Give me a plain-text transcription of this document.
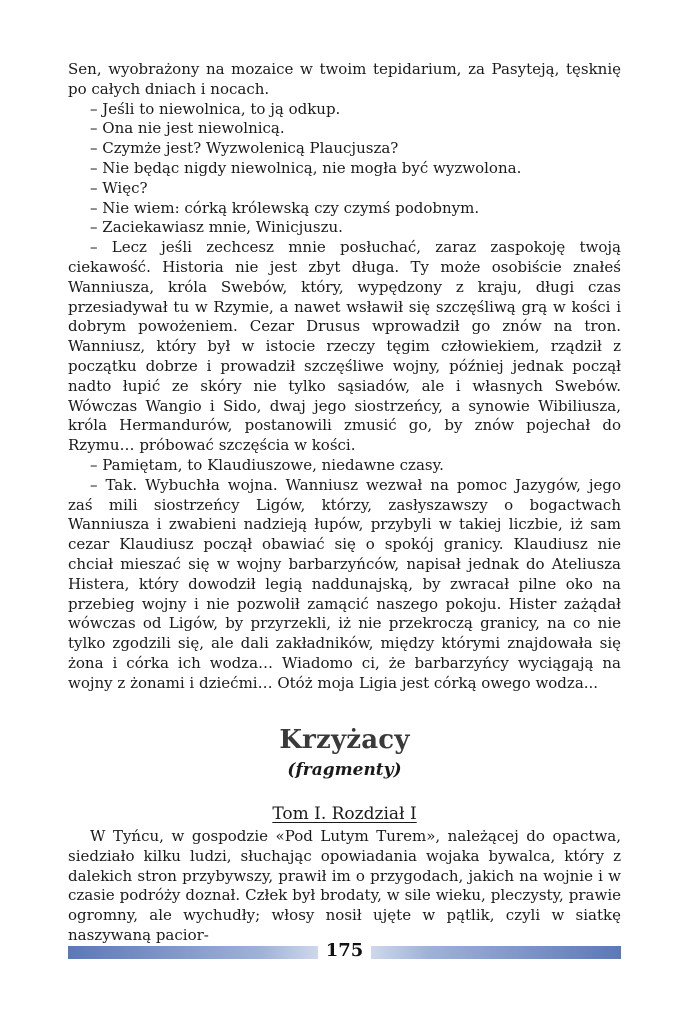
Sen, wyobrażony na mozaice w twoim tepidarium, za Pasytеją, tęsknię po całych dniach i nocach.

– Jeśli to niewolnica, to ją odkup.

– Ona nie jest niewolnicą.

– Czymże jest? Wyzwolenicą Plaucjusza?

– Nie będąc nigdy niewolnicą, nie mogła być wyzwolona.

– Więc?

– Nie wiem: córką królewską czy czymś podobnym.

– Zaciekawiasz mnie, Winicjuszu.

– Lecz jeśli zechcesz mnie posłuchać, zaraz zaspokoję twoją ciekawość. Historia nie jest zbyt długa. Ty może osobiście znałeś Wanniusza, króla Swebów, który, wypędzony z kraju, długi czas przesiadywał tu w Rzymie, a nawet wsławił się szczęśliwą grą w kości i dobrym powożeniem. Cezar Drusus wprowadził go znów na tron. Wanniusz, który był w istocie rzeczy tęgim człowiekiem, rządził z początku dobrze i prowadził szczęśliwe wojny, później jednak począł nadto łupić ze skóry nie tylko sąsiadów, ale i własnych Swebów. Wówczas Wangio i Sido, dwaj jego siostrzeńcy, a synowie Wibiliusza, króla Hermandurów, postanowili zmusić go, by znów pojechał do Rzymu… próbować szczęścia w kości.

– Pamiętam, to Klaudiuszowe, niedawne czasy.

– Tak. Wybuchła wojna. Wanniusz wezwał na pomoc Jazygów, jego zaś mili siostrzeńcy Ligów, którzy, zasłyszawszy o bogactwach Wanniusza i zwabieni nadzieją łupów, przybyli w takiej liczbie, iż sam cezar Klaudiusz począł obawiać się o spokój granicy. Klaudiusz nie chciał mieszać się w wojny barbarzyńców, napisał jednak do Ateliusza Histera, który dowodził legią naddunajską, by zwracał pilne oko na przebieg wojny i nie pozwolił zamącić naszego pokoju. Hister zażądał wówczas od Ligów, by przyrzekli, iż nie przekroczą granicy, na co nie tylko zgodzili się, ale dali zakładników, między którymi znajdowała się żona i córka ich wodza… Wiadomo ci, że barbarzyńcy wyciągają na wojny z żonami i dziećmi… Otóż moja Ligia jest córką owego wodza...

Krzyżacy
(fragmenty)
Tom I. Rozdział I

W Tyńcu, w gospodzie «Pod Lutym Turem», należącej do opactwa, siedziało kilku ludzi, słuchając opowiadania wojaka bywalca, który z dalekich stron przybywszy, prawił im o przygodach, jakich na wojnie i w czasie podróży doznał. Człek był brodaty, w sile wieku, pleczysty, prawie ogromny, ale wychudły; włosy nosił ujęte w pątlik, czyli w siatkę naszywaną pacior-

175
